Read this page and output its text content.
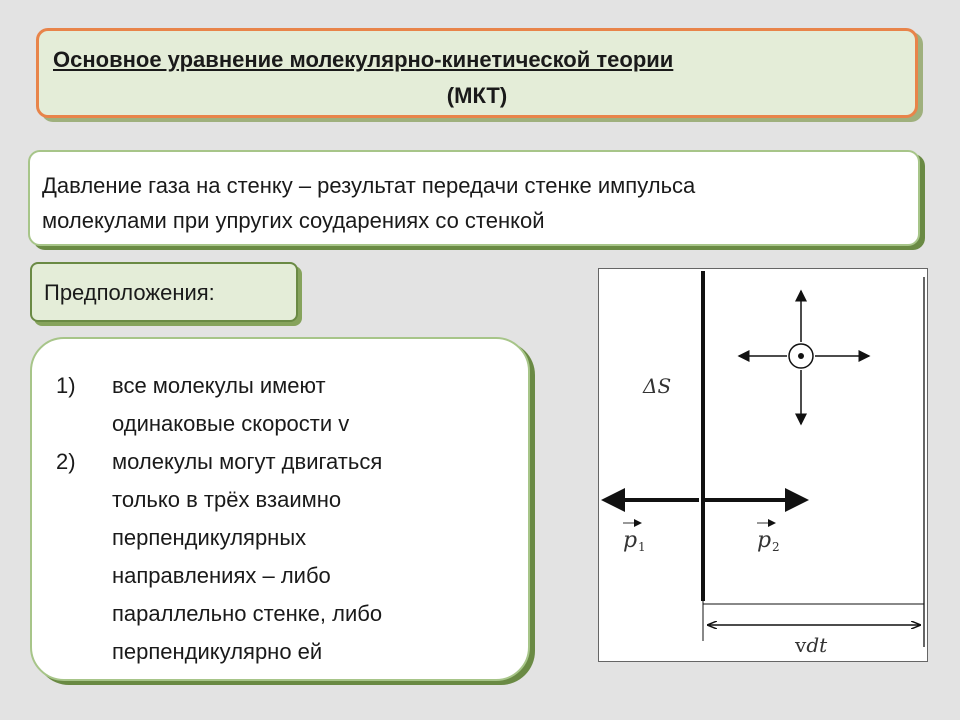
Основное уравнение молекулярно-кинетической теории
(МКТ)
Давление газа на стенку – результат передачи стенке импульса
молекулами при упругих соударениях со стенкой
Предположения:
1)	все молекулы имеют
одинаковые скорости v
2)	молекулы могут двигаться
только в трёх взаимно
перпендикулярных
направлениях – либо
параллельно стенке, либо
перпендикулярно ей
p 1	p 2
ΔS
vdt
